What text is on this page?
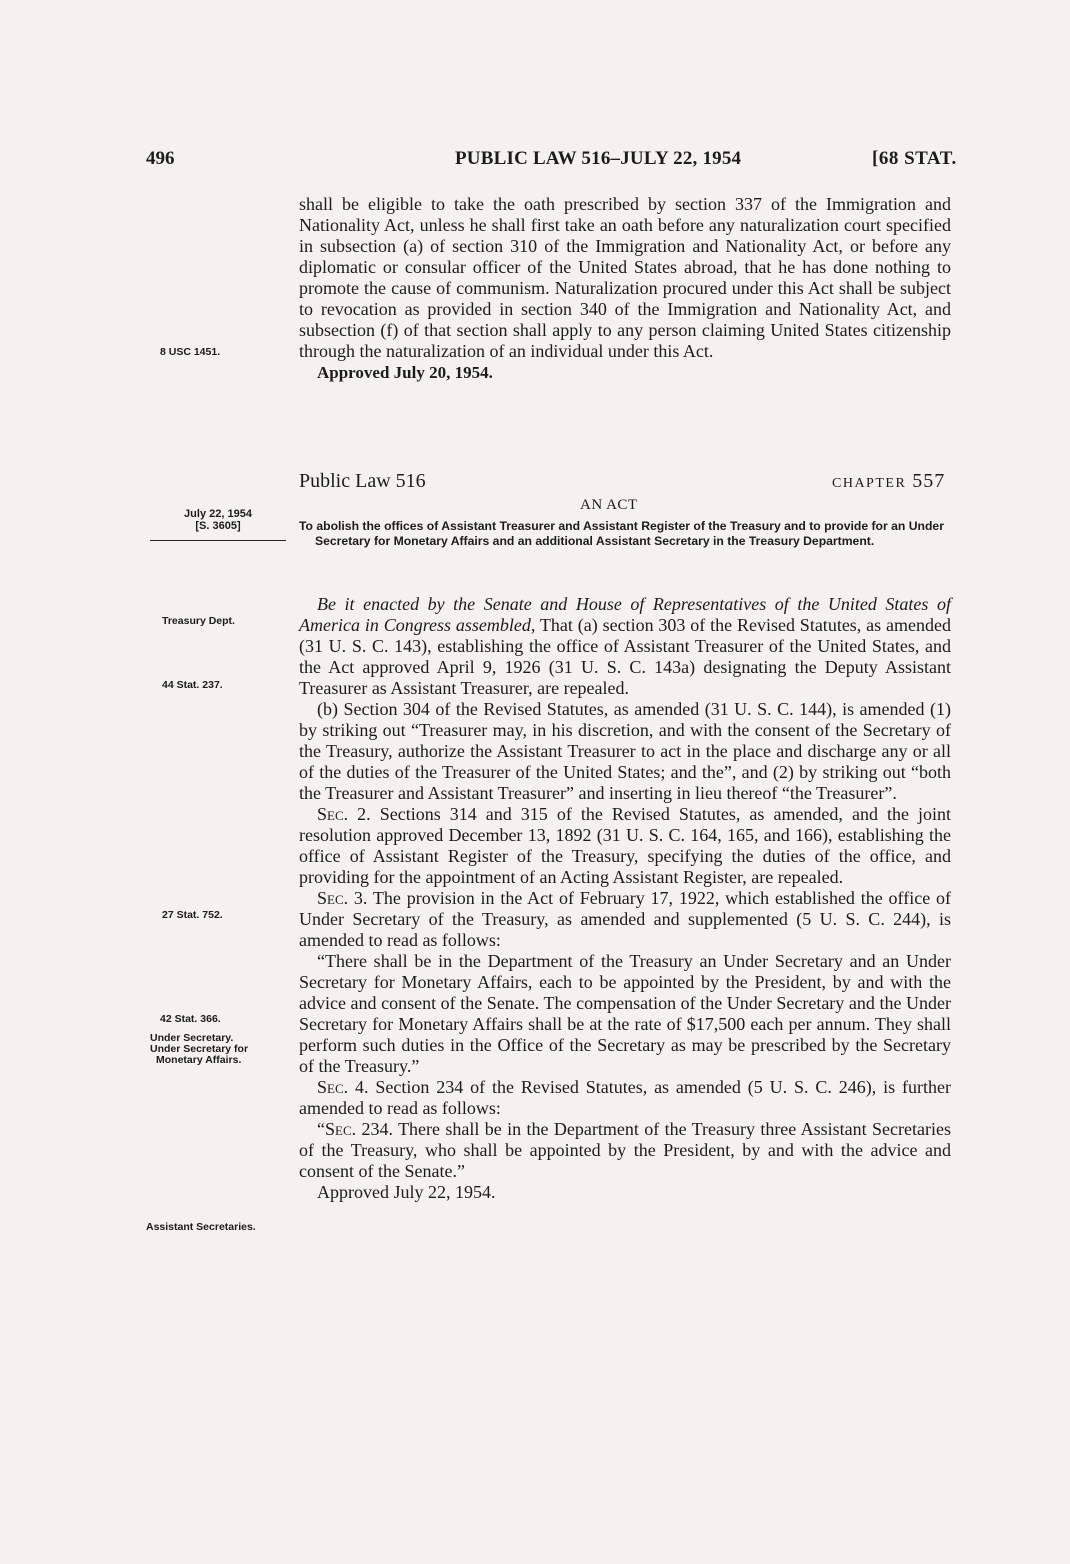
496	PUBLIC LAW 516–JULY 22, 1954	[68 STAT.

shall be eligible to take the oath prescribed by section 337 of the Immigration and Nationality Act, unless he shall first take an oath before any naturalization court specified in subsection (a) of section 310 of the Immigration and Nationality Act, or before any diplomatic or consular officer of the United States abroad, that he has done nothing to promote the cause of communism. Naturalization procured under this Act shall be subject to revocation as provided in section 340 of the Immigration and Nationality Act, and subsection (f) of that section shall apply to any person claiming United States citizenship through the naturalization of an individual under this Act.

Approved July 20, 1954.

8 USC 1451.
July 22, 1954
[S. 3605]
Treasury Dept.
44 Stat. 237.
27 Stat. 752.
42 Stat. 366.
Under Secretary.
Under Secretary for Monetary Affairs.
Assistant Secretaries.
Public Law 516	CHAPTER 557
AN ACT

To abolish the offices of Assistant Treasurer and Assistant Register of the Treasury and to provide for an Under Secretary for Monetary Affairs and an additional Assistant Secretary in the Treasury Department.

Be it enacted by the Senate and House of Representatives of the United States of America in Congress assembled, That (a) section 303 of the Revised Statutes, as amended (31 U. S. C. 143), establishing the office of Assistant Treasurer of the United States, and the Act approved April 9, 1926 (31 U. S. C. 143a) designating the Deputy Assistant Treasurer as Assistant Treasurer, are repealed.

(b) Section 304 of the Revised Statutes, as amended (31 U. S. C. 144), is amended (1) by striking out “Treasurer may, in his discretion, and with the consent of the Secretary of the Treasury, authorize the Assistant Treasurer to act in the place and discharge any or all of the duties of the Treasurer of the United States; and the”, and (2) by striking out “both the Treasurer and Assistant Treasurer” and inserting in lieu thereof “the Treasurer”.

Sec. 2. Sections 314 and 315 of the Revised Statutes, as amended, and the joint resolution approved December 13, 1892 (31 U. S. C. 164, 165, and 166), establishing the office of Assistant Register of the Treasury, specifying the duties of the office, and providing for the appointment of an Acting Assistant Register, are repealed.

Sec. 3. The provision in the Act of February 17, 1922, which established the office of Under Secretary of the Treasury, as amended and supplemented (5 U. S. C. 244), is amended to read as follows:

“There shall be in the Department of the Treasury an Under Secretary and an Under Secretary for Monetary Affairs, each to be appointed by the President, by and with the advice and consent of the Senate. The compensation of the Under Secretary and the Under Secretary for Monetary Affairs shall be at the rate of $17,500 each per annum. They shall perform such duties in the Office of the Secretary as may be prescribed by the Secretary of the Treasury.”

Sec. 4. Section 234 of the Revised Statutes, as amended (5 U. S. C. 246), is further amended to read as follows:

“Sec. 234. There shall be in the Department of the Treasury three Assistant Secretaries of the Treasury, who shall be appointed by the President, by and with the advice and consent of the Senate.”

Approved July 22, 1954.
